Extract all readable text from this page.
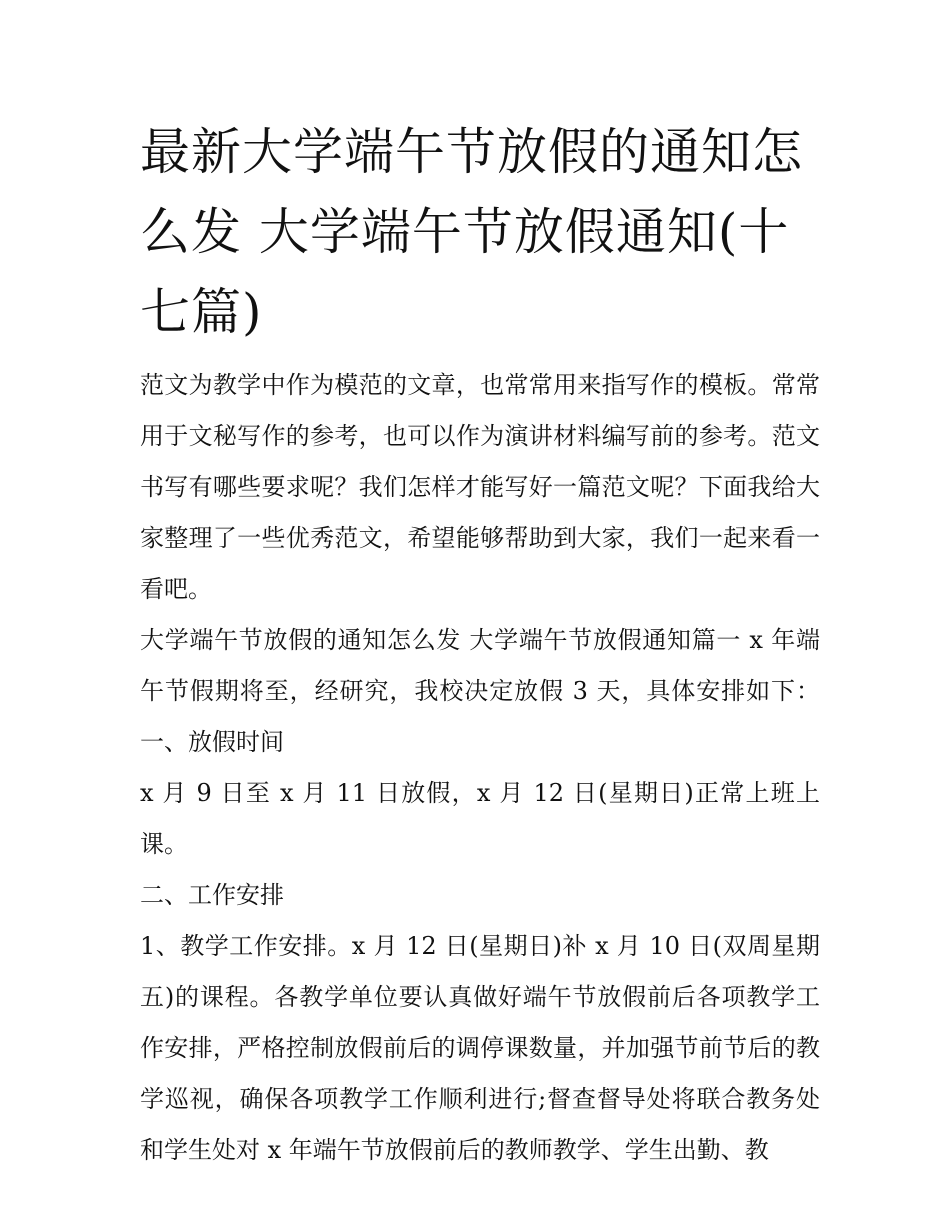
最新大学端午节放假的通知怎么发 大学端午节放假通知(十七篇)

范文为教学中作为模范的文章，也常常用来指写作的模板。常常用于文秘写作的参考，也可以作为演讲材料编写前的参考。范文书写有哪些要求呢？我们怎样才能写好一篇范文呢？下面我给大家整理了一些优秀范文，希望能够帮助到大家，我们一起来看一看吧。

大学端午节放假的通知怎么发 大学端午节放假通知篇一 x 年端午节假期将至，经研究，我校决定放假 3 天，具体安排如下： 一、放假时间

x 月 9 日至 x 月 11 日放假，x 月 12 日(星期日)正常上班上课。

二、工作安排

1、教学工作安排。x 月 12 日(星期日)补 x 月 10 日(双周星期五)的课程。各教学单位要认真做好端午节放假前后各项教学工作安排，严格控制放假前后的调停课数量，并加强节前节后的教学巡视，确保各项教学工作顺利进行;督查督导处将联合教务处和学生处对 x 年端午节放假前后的教师教学、学生出勤、教
